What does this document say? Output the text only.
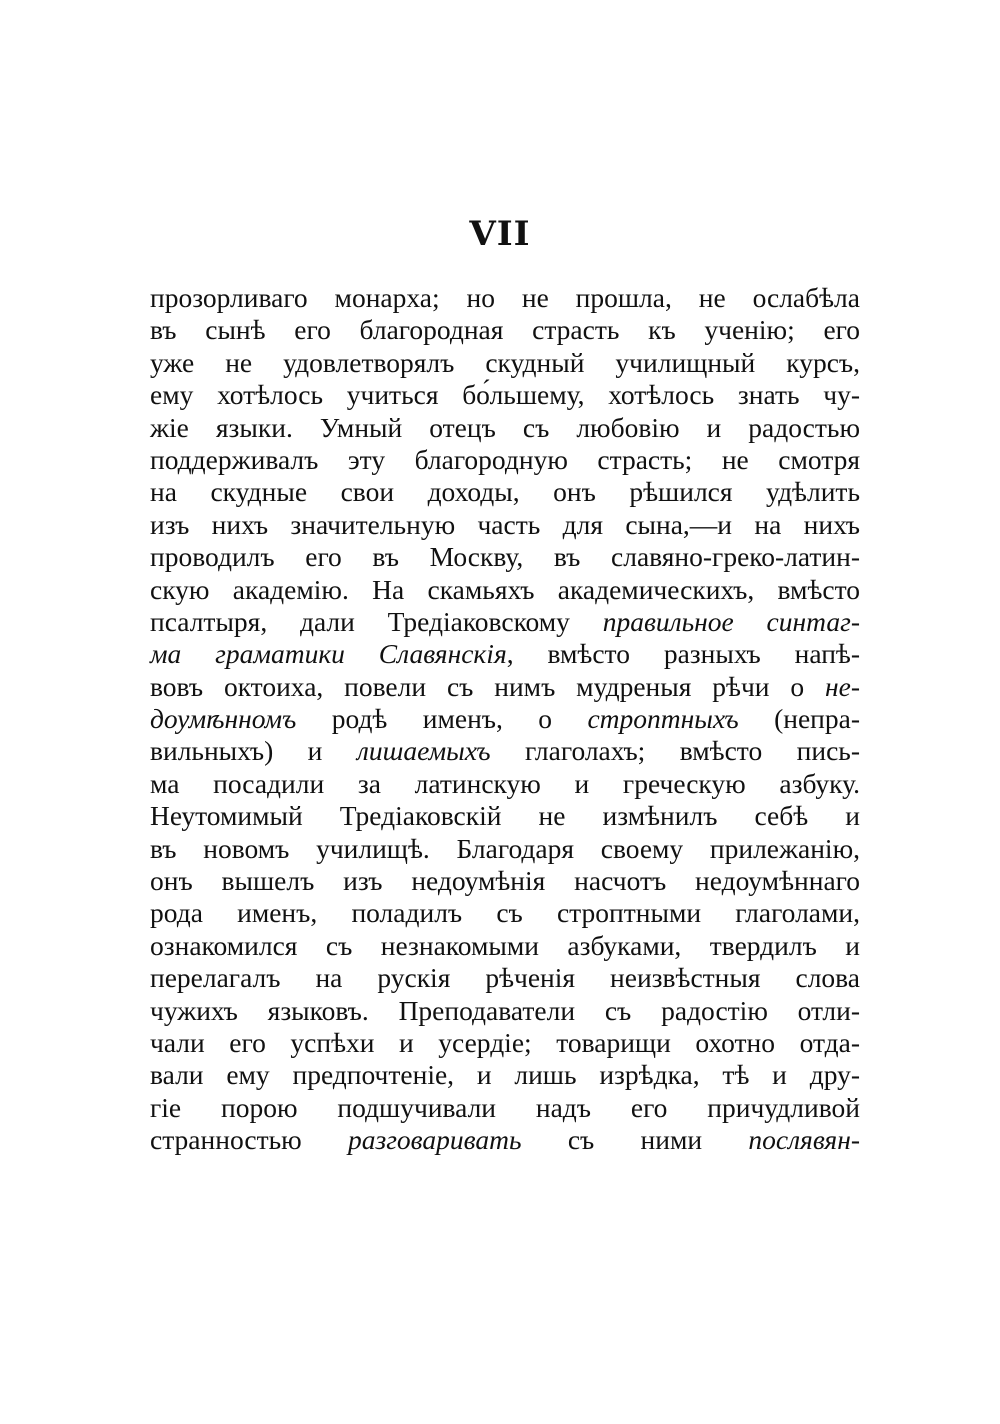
VII
прозорливаго монарха; но не прошла, не ослабѣла
въ сынѣ его благородная страсть къ ученію; его
уже не удовлетворялъ скудный училищный курсъ,
ему хотѣлось учиться бо́льшему, хотѣлось знать чу-
жіе языки. Умный отецъ съ любовію и радостью
поддерживалъ эту благородную страсть; не смотря
на скудные свои доходы, онъ рѣшился удѣлить
изъ нихъ значительную часть для сына,—и на нихъ
проводилъ его въ Москву, въ славяно-греко-латин-
скую академію. На скамьяхъ академическихъ, вмѣсто
псалтыря, дали Тредіаковскому правильное синтаг-
ма граматики Славянскія, вмѣсто разныхъ напѣ-
вовъ октоиха, повели съ нимъ мудреныя рѣчи о не-
доумѣнномъ родѣ именъ, о строптныхъ (непра-
вильныхъ) и лишаемыхъ глаголахъ; вмѣсто пись-
ма посадили за латинскую и греческую азбуку.
Неутомимый Тредіаковскій не измѣнилъ себѣ и
въ новомъ училищѣ. Благодаря своему прилежанію,
онъ вышелъ изъ недоумѣнія насчотъ недоумѣннаго
рода именъ, поладилъ съ строптными глаголами,
ознакомился съ незнакомыми азбуками, твердилъ и
перелагалъ на рускія рѣченія неизвѣстныя слова
чужихъ языковъ. Преподаватели съ радостію отли-
чали его успѣхи и усердіе; товарищи охотно отда-
вали ему предпочтеніе, и лишь изрѣдка, тѣ и дру-
гіе порою подшучивали надъ его причудливой
странностью разговаривать съ ними послявян-
